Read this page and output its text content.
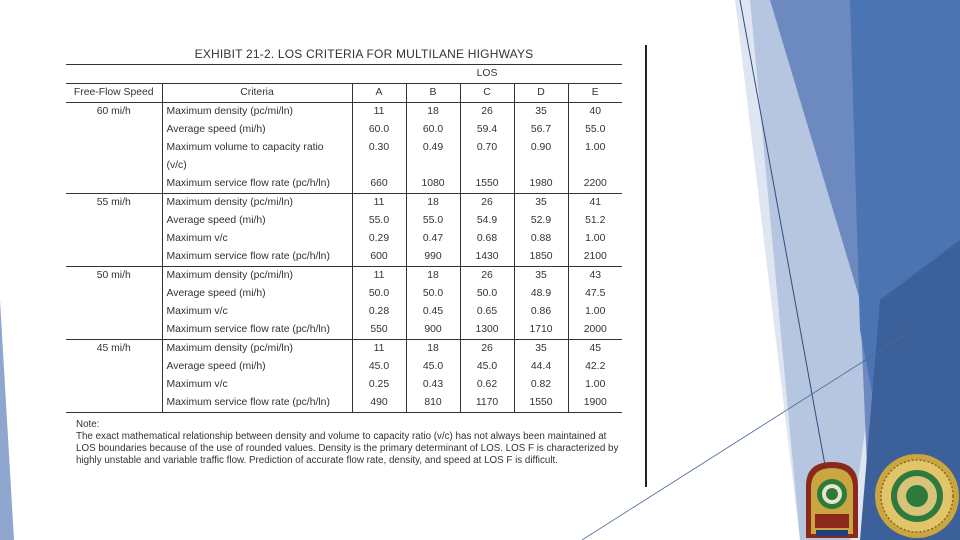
EXHIBIT 21-2. LOS CRITERIA FOR MULTILANE HIGHWAYS
		LOS				
Free-Flow Speed	Criteria	A	B	C	D	E
60 mi/h	Maximum density (pc/mi/ln)	11	18	26	35	40
	Average speed (mi/h)	60.0	60.0	59.4	56.7	55.0
	Maximum volume to capacity ratio	0.30	0.49	0.70	0.90	1.00
	(v/c)					
	Maximum service flow rate (pc/h/ln)	660	1080	1550	1980	2200
55 mi/h	Maximum density (pc/mi/ln)	11	18	26	35	41
	Average speed (mi/h)	55.0	55.0	54.9	52.9	51.2
	Maximum v/c	0.29	0.47	0.68	0.88	1.00
	Maximum service flow rate (pc/h/ln)	600	990	1430	1850	2100
50 mi/h	Maximum density (pc/mi/ln)	11	18	26	35	43
	Average speed (mi/h)	50.0	50.0	50.0	48.9	47.5
	Maximum v/c	0.28	0.45	0.65	0.86	1.00
	Maximum service flow rate (pc/h/ln)	550	900	1300	1710	2000
45 mi/h	Maximum density (pc/mi/ln)	11	18	26	35	45
	Average speed (mi/h)	45.0	45.0	45.0	44.4	42.2
	Maximum v/c	0.25	0.43	0.62	0.82	1.00
	Maximum service flow rate (pc/h/ln)	490	810	1170	1550	1900
Note:
The exact mathematical relationship between density and volume to capacity ratio (v/c) has not always been maintained at LOS boundaries because of the use of rounded values. Density is the primary determinant of LOS. LOS F is characterized by highly unstable and variable traffic flow. Prediction of accurate flow rate, density, and speed at LOS F is difficult.
